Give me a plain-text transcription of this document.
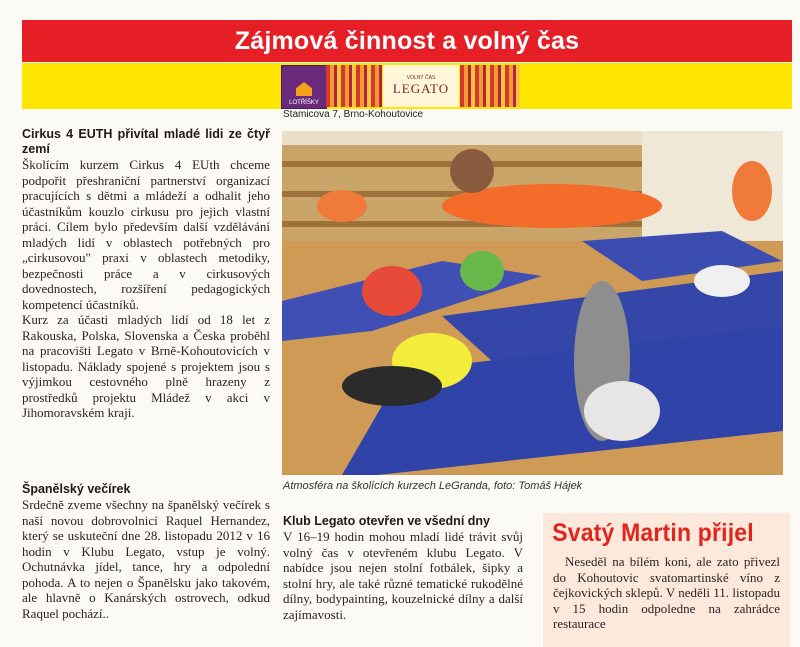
Zájmová činnost a volný čas
LOTŘÍŠKY
VOLNÝ ČAS
LEGATO
Stamicova 7, Brno-Kohoutovice
Cirkus 4 EUTH přivítal mladé lidi ze čtyř zemí

Školícím kurzem Cirkus 4 EUth chceme podpořit přeshraniční partnerství organizací pracujících s dětmi a mládeží a odhalit jeho účastníkům kouzlo cirkusu pro jejich vlastní práci. Cílem bylo především další vzdělávání mladých lidí v oblastech potřebných pro „cirkusovou" praxi v oblastech metodiky, bezpečnosti práce a v cirkusových dovednostech, rozšíření pedagogických kompetencí účastníků.

Kurz za účasti mladých lidí od 18 let z Rakouska, Polska, Slovenska a Česka proběhl na pracovišti Legato v Brně-Kohoutovicích v listopadu. Náklady spojené s projektem jsou s výjimkou cestovného plně hrazeny z prostředků projektu Mládež v akci v Jihomoravském kraji.

Španělský večírek

Srdečně zveme všechny na španělský večírek s naší novou dobrovolnicí Raquel Hernandez, který se uskuteční dne 28. listopadu 2012 v 16 hodin v Klubu Legato, vstup je volný. Ochutnávka jídel, tance, hry a odpolední pohoda. A to nejen o Španělsku jako takovém, ale hlavně o Kanárských ostrovech, odkud Raquel pochází..

Atmosféra na školících kurzech LeGranda, foto: Tomáš Hájek
Klub Legato otevřen ve všední dny

V 16–19 hodin mohou mladí lidé trávit svůj volný čas v otevřeném klubu Legato. V nabídce jsou nejen stolní fotbálek, šipky a stolní hry, ale také různé tematické rukodělné dílny, bodypainting, kouzelnické dílny a další zajímavosti.

Svatý Martin přijel

Neseděl na bílém koni, ale zato přivezl do Kohoutovic svatomartinské víno z čejkovických sklepů. V neděli 11. listopadu v 15 hodin odpoledne na zahrádce restaurace
